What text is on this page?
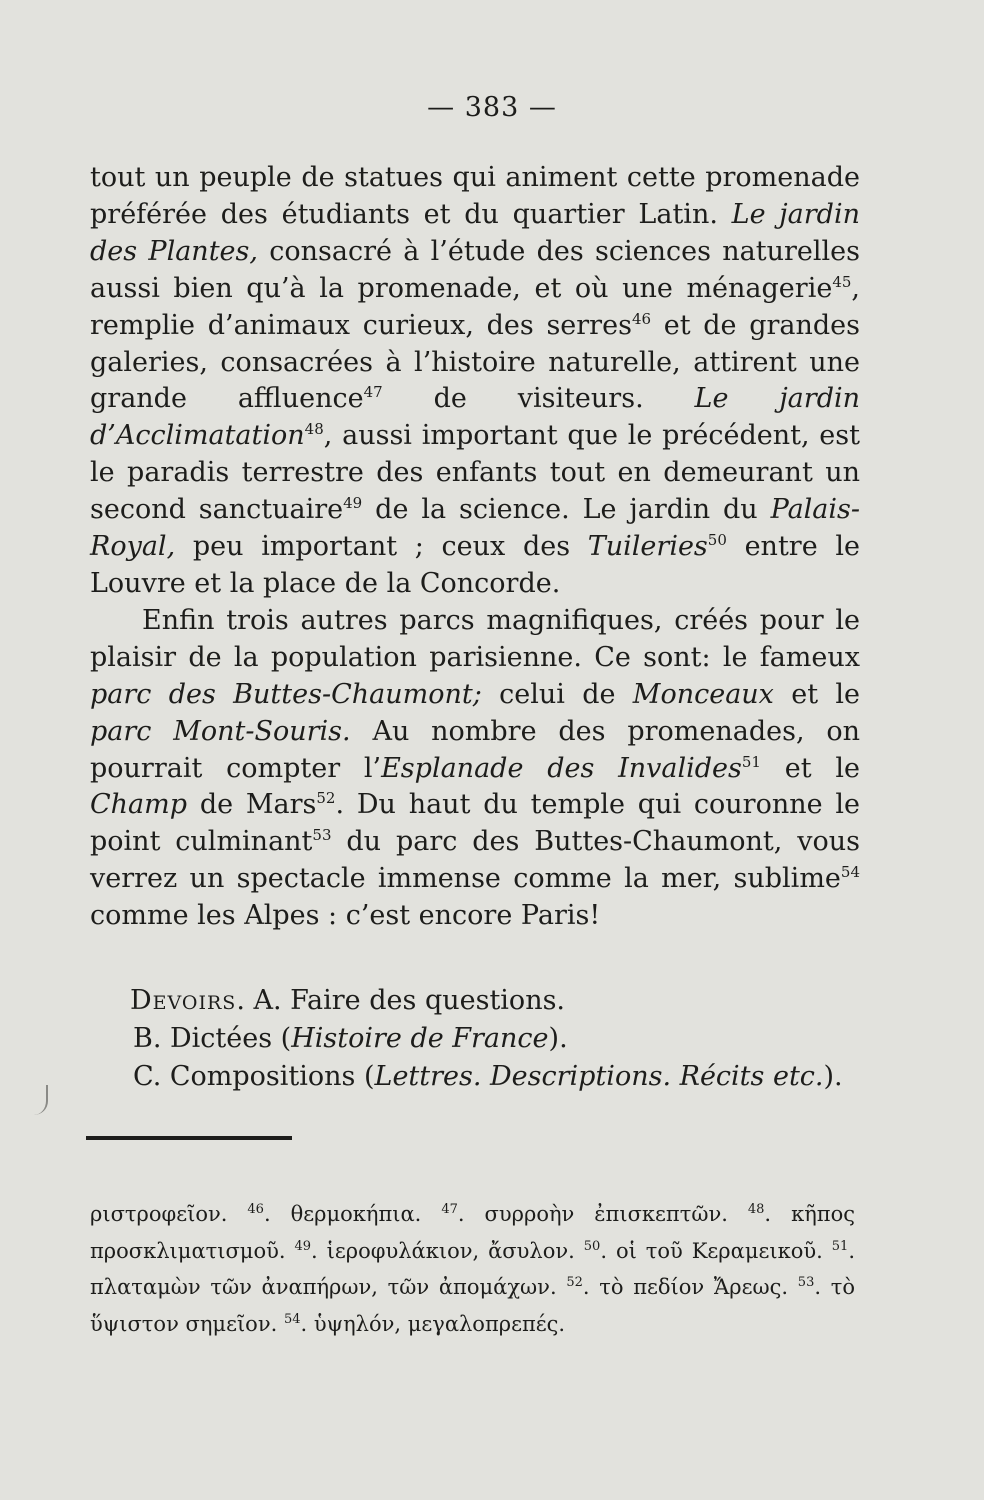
— 383 —

tout un peuple de statues qui animent cette promenade préférée des étudiants et du quartier Latin. Le jardin des Plantes, consacré à l’étude des sciences naturelles aussi bien qu’à la promenade, et où une ménagerie$^{45}$, remplie d’animaux curieux, des serres$^{46}$ et de grandes galeries, consacrées à l’histoire naturelle, attirent une grande affluence$^{47}$ de visiteurs. Le jardin d’Acclimatation$^{48}$, aussi important que le précédent, est le paradis terrestre des enfants tout en demeurant un second sanctuaire$^{49}$ de la science. Le jardin du Palais-Royal, peu important ; ceux des Tuileries$^{50}$ entre le Louvre et la place de la Concorde.

Enfin trois autres parcs magnifiques, créés pour le plaisir de la population parisienne. Ce sont: le fameux parc des Buttes-Chaumont; celui de Monceaux et le parc Mont-Souris. Au nombre des promenades, on pourrait compter l’Esplanade des Invalides$^{51}$ et le Champ de Mars$^{52}$. Du haut du temple qui couronne le point culminant$^{53}$ du parc des Buttes-Chaumont, vous verrez un spectacle immense comme la mer, sublime$^{54}$ comme les Alpes : c’est encore Paris!

Devoirs. A. Faire des questions.
B. Dictées (Histoire de France).
C. Compositions (Lettres. Descriptions. Récits etc.).
ριστροφεῖον. $^{46}$. θερμοκήπια. $^{47}$. συρροὴν ἐπισκεπτῶν. $^{48}$. κῆπος προσκλιματισμοῦ. $^{49}$. ἱεροφυλάκιον, ἄσυλον. $^{50}$. οἱ τοῦ Κεραμεικοῦ. $^{51}$. πλαταμὼν τῶν ἀναπήρων, τῶν ἀπομάχων. $^{52}$. τὸ πεδίον Ἄρεως. $^{53}$. τὸ ὕψιστον σημεῖον. $^{54}$. ὑψηλόν, μεγαλοπρεπές.
